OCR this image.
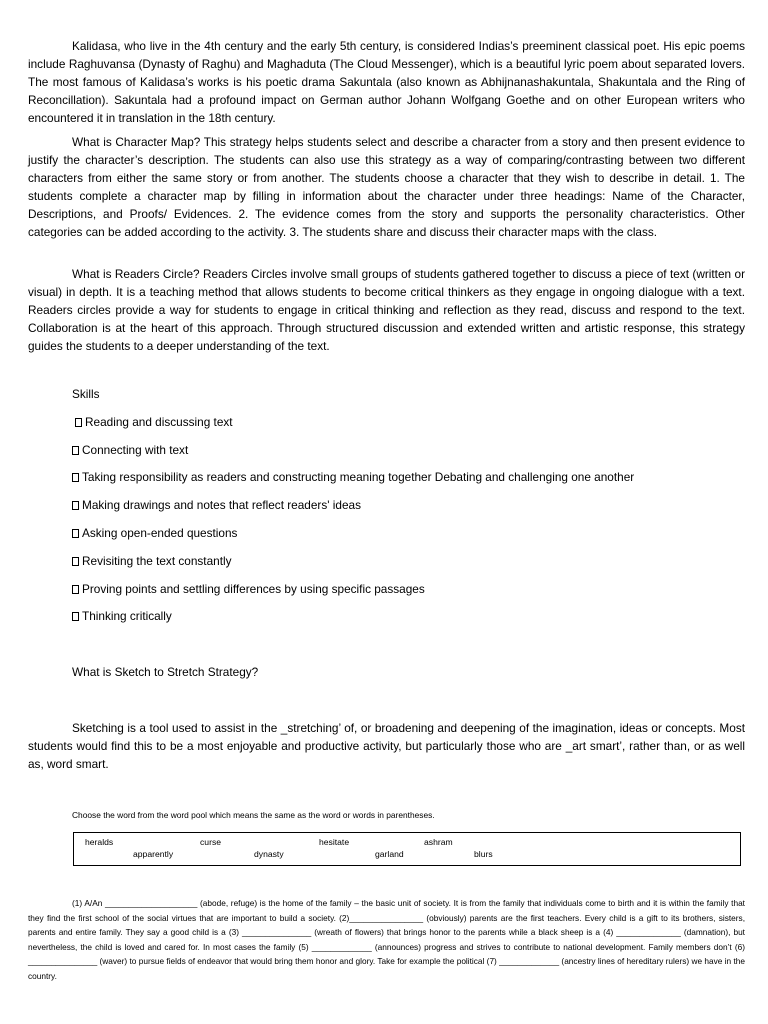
Kalidasa, who live in the 4th century and the early 5th century, is considered Indias’s preeminent classical poet. His epic poems include Raghuvansa (Dynasty of Raghu) and Maghaduta (The Cloud Messenger), which is a beautiful lyric poem about separated lovers. The most famous of Kalidasa’s works is his poetic drama Sakuntala (also known as Abhijnanashakuntala, Shakuntala and the Ring of Reconcillation). Sakuntala had a profound impact on German author Johann Wolfgang Goethe and on other European writers who encountered it in translation in the 18th century.

What is Character Map? This strategy helps students select and describe a character from a story and then present evidence to justify the character’s description. The students can also use this strategy as a way of comparing/contrasting between two different characters from either the same story or from another. The students choose a character that they wish to describe in detail. 1. The students complete a character map by filling in information about the character under three headings: Name of the Character, Descriptions, and Proofs/ Evidences. 2. The evidence comes from the story and supports the personality characteristics. Other categories can be added according to the activity. 3. The students share and discuss their character maps with the class.

What is Readers Circle? Readers Circles involve small groups of students gathered together to discuss a piece of text (written or visual) in depth. It is a teaching method that allows students to become critical thinkers as they engage in ongoing dialogue with a text. Readers circles provide a way for students to engage in critical thinking and reflection as they read, discuss and respond to the text. Collaboration is at the heart of this approach. Through structured discussion and extended written and artistic response, this strategy guides the students to a deeper understanding of the text.

Skills

Reading and discussing text

Connecting with text

Taking responsibility as readers and constructing meaning together Debating and challenging one another

Making drawings and notes that reflect readers' ideas

Asking open-ended questions

Revisiting the text constantly

Proving points and settling differences by using specific passages

Thinking critically

What is Sketch to Stretch Strategy?

Sketching is a tool used to assist in the _stretching’ of, or broadening and deepening of the imagination, ideas or concepts. Most students would find this to be a most enjoyable and productive activity, but particularly those who are _art smart’, rather than, or as well as, word smart.

Choose the word from the word pool which means the same as the word or words in parentheses.

heralds	curse	hesitate	ashram
apparently	dynasty	garland	blurs

(1) A/An ____________________ (abode, refuge) is the home of the family – the basic unit of society. It is from the family that individuals come to birth and it is within the family that they find the first school of the social virtues that are important to build a society. (2)________________ (obviously) parents are the first teachers. Every child is a gift to its brothers, sisters, parents and entire family. They say a good child is a (3) _______________ (wreath of flowers) that brings honor to the parents while a black sheep is a (4) ______________ (damnation), but nevertheless, the child is loved and cared for. In most cases the family (5) _____________ (announces) progress and strives to contribute to national development. Family members don’t (6) _______________ (waver) to pursue fields of endeavor that would bring them honor and glory. Take for example the political (7) _____________ (ancestry lines of hereditary rulers) we have in the country.
